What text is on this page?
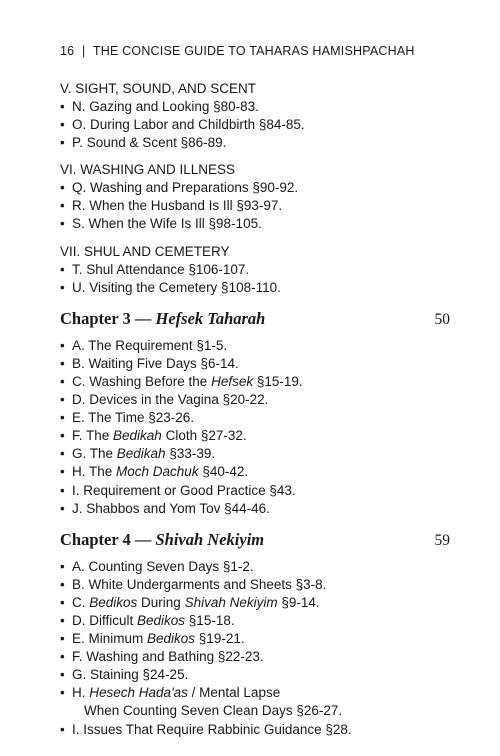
16 | THE CONCISE GUIDE TO TAHARAS HAMISHPACHAH
V. SIGHT, SOUND, AND SCENT
• N. Gazing and Looking §80-83.
• O. During Labor and Childbirth §84-85.
• P. Sound & Scent §86-89.
VI. WASHING AND ILLNESS
• Q. Washing and Preparations §90-92.
• R. When the Husband Is Ill §93-97.
• S. When the Wife Is Ill §98-105.
VII. SHUL AND CEMETERY
• T. Shul Attendance §106-107.
• U. Visiting the Cemetery §108-110.
Chapter 3 — Hefsek Taharah	50
• A. The Requirement §1-5.
• B. Waiting Five Days §6-14.
• C. Washing Before the Hefsek §15-19.
• D. Devices in the Vagina §20-22.
• E. The Time §23-26.
• F. The Bedikah Cloth §27-32.
• G. The Bedikah §33-39.
• H. The Moch Dachuk §40-42.
• I. Requirement or Good Practice §43.
• J. Shabbos and Yom Tov §44-46.
Chapter 4 — Shivah Nekiyim	59
• A. Counting Seven Days §1-2.
• B. White Undergarments and Sheets §3-8.
• C. Bedikos During Shivah Nekiyim §9-14.
• D. Difficult Bedikos §15-18.
• E. Minimum Bedikos §19-21.
• F. Washing and Bathing §22-23.
• G. Staining §24-25.
• H. Hesech Hada'as / Mental Lapse
When Counting Seven Clean Days §26-27.
• I. Issues That Require Rabbinic Guidance §28.
